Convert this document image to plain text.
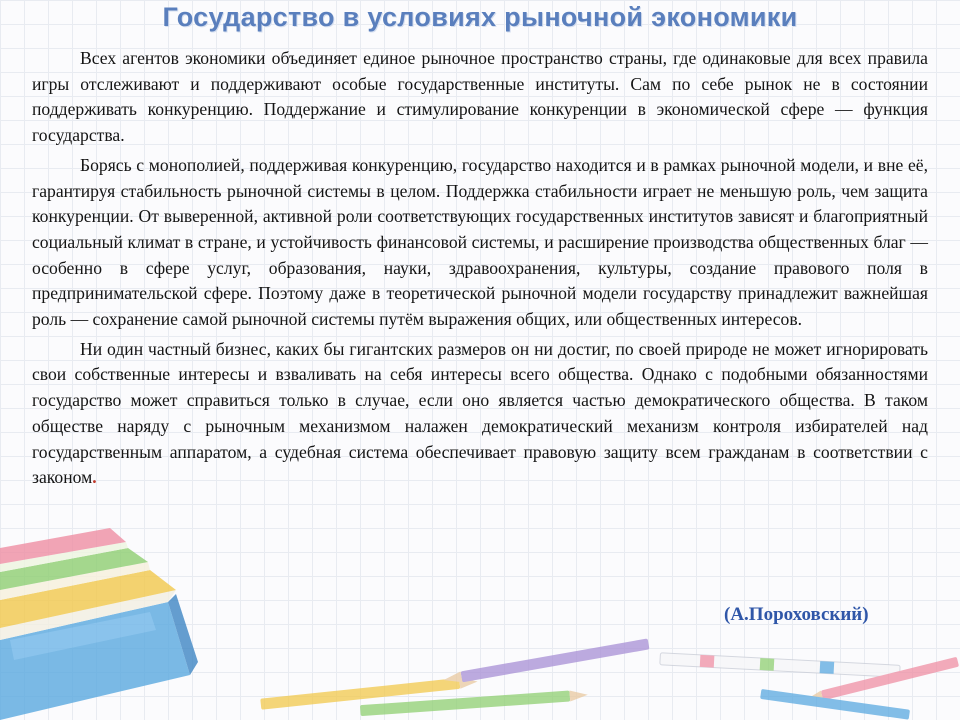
Государство в условиях рыночной экономики

Всех агентов экономики объединяет единое рыночное пространство страны, где одинаковые для всех правила игры отслеживают и поддерживают особые государственные институты. Сам по себе рынок не в состоянии поддерживать конкуренцию. Поддержание и стимулирование конкуренции в экономической сфере — функция государства.

Борясь с монополией, поддерживая конкуренцию, государство находится и в рамках рыночной модели, и вне её, гарантируя стабильность рыночной системы в целом. Поддержка стабильности играет не меньшую роль, чем защита конкуренции. От выверенной, активной роли соответствующих государственных институтов зависят и благоприятный социальный климат в стране, и устойчивость финансовой системы, и расширение производства общественных благ — особенно в сфере услуг, образования, науки, здравоохранения, культуры, создание правового поля в предпринимательской сфере. Поэтому даже в теоретической рыночной модели государству принадлежит важнейшая роль — сохранение самой рыночной системы путём выражения общих, или общественных интересов.

Ни один частный бизнес, каких бы гигантских размеров он ни достиг, по своей природе не может игнорировать свои собственные интересы и взваливать на себя интересы всего общества. Однако с подобными обязанностями государство может справиться только в случае, если оно является частью демократического общества. В таком обществе наряду с рыночным механизмом налажен демократический механизм контроля избирателей над государственным аппаратом, а судебная система обеспечивает правовую защиту всем гражданам в соответствии с законом.

(А.Пороховский)
